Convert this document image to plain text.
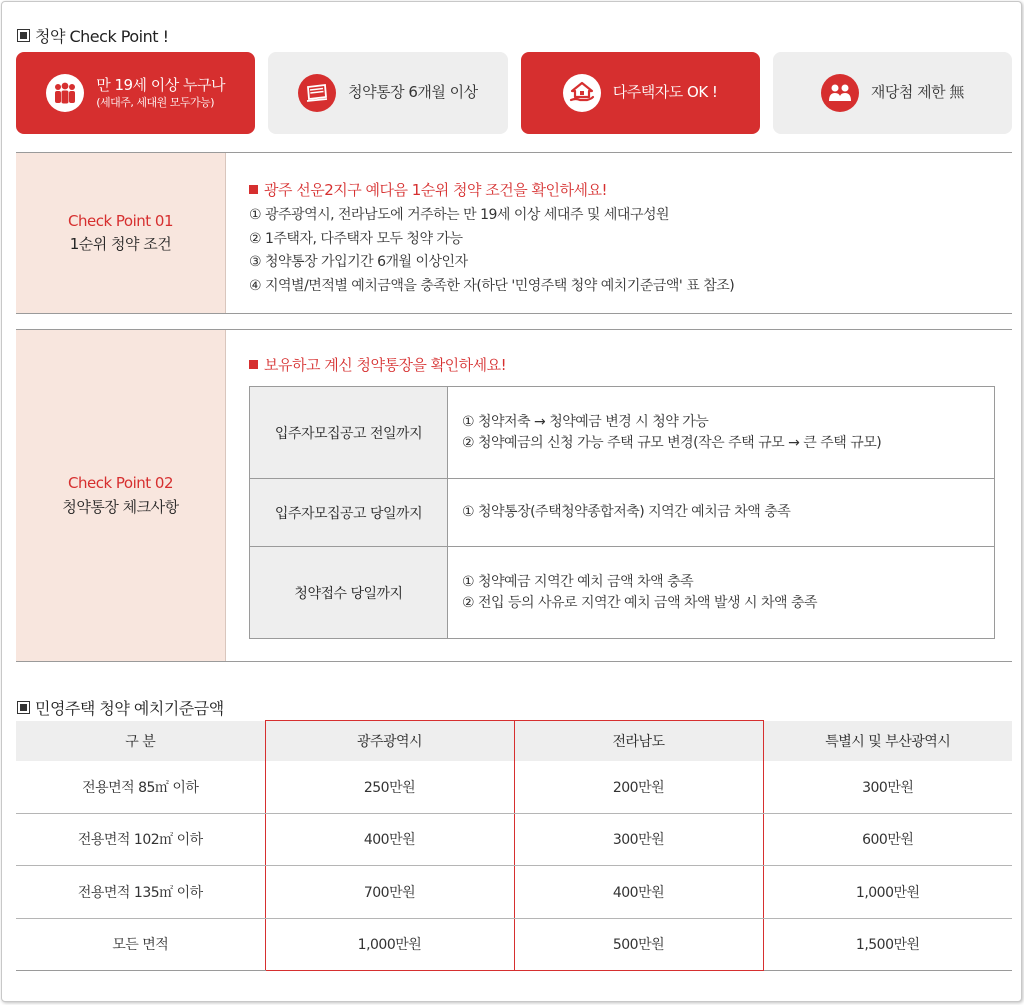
청약 Check Point !
만 19세 이상 누구나
(세대주, 세대원 모두가능)
청약통장 6개월 이상	다주택자도 OK !	재당첨 제한 無
Check Point 01
1순위 청약 조건
광주 선운2지구 예다음 1순위 청약 조건을 확인하세요!
① 광주광역시, 전라남도에 거주하는 만 19세 이상 세대주 및 세대구성원
② 1주택자, 다주택자 모두 청약 가능
③ 청약통장 가입기간 6개월 이상인자
④ 지역별/면적별 예치금액을 충족한 자(하단 '민영주택 청약 예치기준금액' 표 참조)
Check Point 02
청약통장 체크사항
보유하고 계신 청약통장을 확인하세요!
입주자모집공고 전일까지	① 청약저축 → 청약예금 변경 시 청약 가능
② 청약예금의 신청 가능 주택 규모 변경(작은 주택 규모 → 큰 주택 규모)

입주자모집공고 당일까지	① 청약통장(주택청약종합저축) 지역간 예치금 차액 충족

청약접수 당일까지	① 청약예금 지역간 예치 금액 차액 충족
② 전입 등의 사유로 지역간 예치 금액 차액 발생 시 차액 충족
민영주택 청약 예치기준금액
구 분	광주광역시	전라남도	특별시 및 부산광역시
전용면적 85㎡ 이하	250만원	200만원	300만원
전용면적 102㎡ 이하	400만원	300만원	600만원
전용면적 135㎡ 이하	700만원	400만원	1,000만원
모든 면적	1,000만원	500만원	1,500만원
